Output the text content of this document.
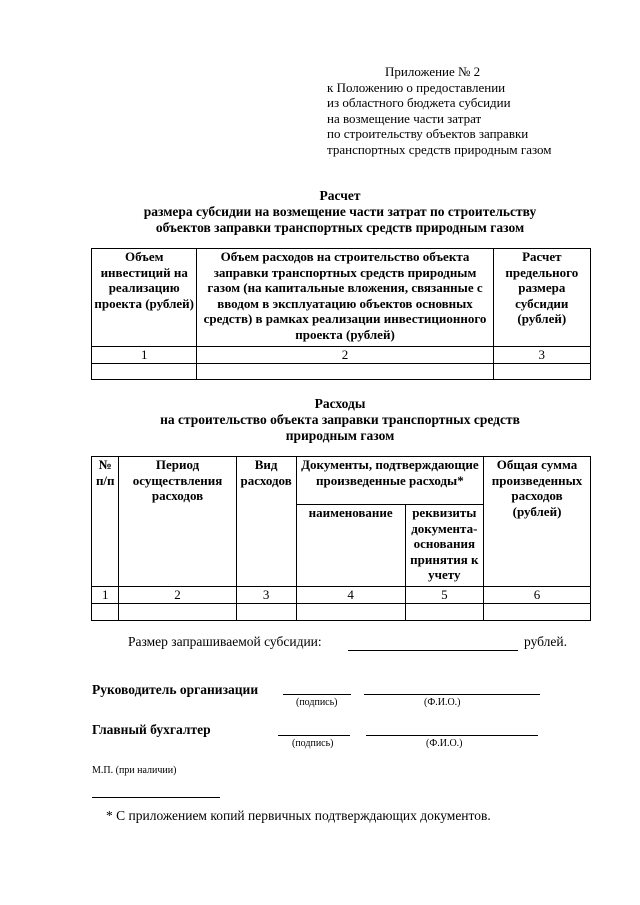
Приложение № 2
к Положению о предоставлении
из областного бюджета субсидии
на возмещение части затрат
по строительству объектов заправки
транспортных средств природным газом
Расчет
размера субсидии на возмещение части затрат по строительству
объектов заправки транспортных средств природным газом
Объем инвестиций на реализацию проекта (рублей)	Объем расходов на строительство объекта заправки транспортных средств природным газом (на капитальные вложения, связанные с вводом в эксплуатацию объектов основных средств) в рамках реализации инвестиционного проекта (рублей)	Расчет предельного размера субсидии (рублей)
1	2	3

Расходы
на строительство объекта заправки транспортных средств
природным газом
№ п/п	Период осуществления расходов	Вид расходов	Документы, подтверждающие произведенные расходы*		Общая сумма произведенных расходов (рублей)
			наименование	реквизиты документа-основания принятия к учету	
1	2	3	4	5	6

Размер запрашиваемой субсидии:	рублей.
Руководитель организации
(подпись)	(Ф.И.О.)
Главный бухгалтер
(подпись)	(Ф.И.О.)
М.П. (при наличии)
* С приложением копий первичных подтверждающих документов.
